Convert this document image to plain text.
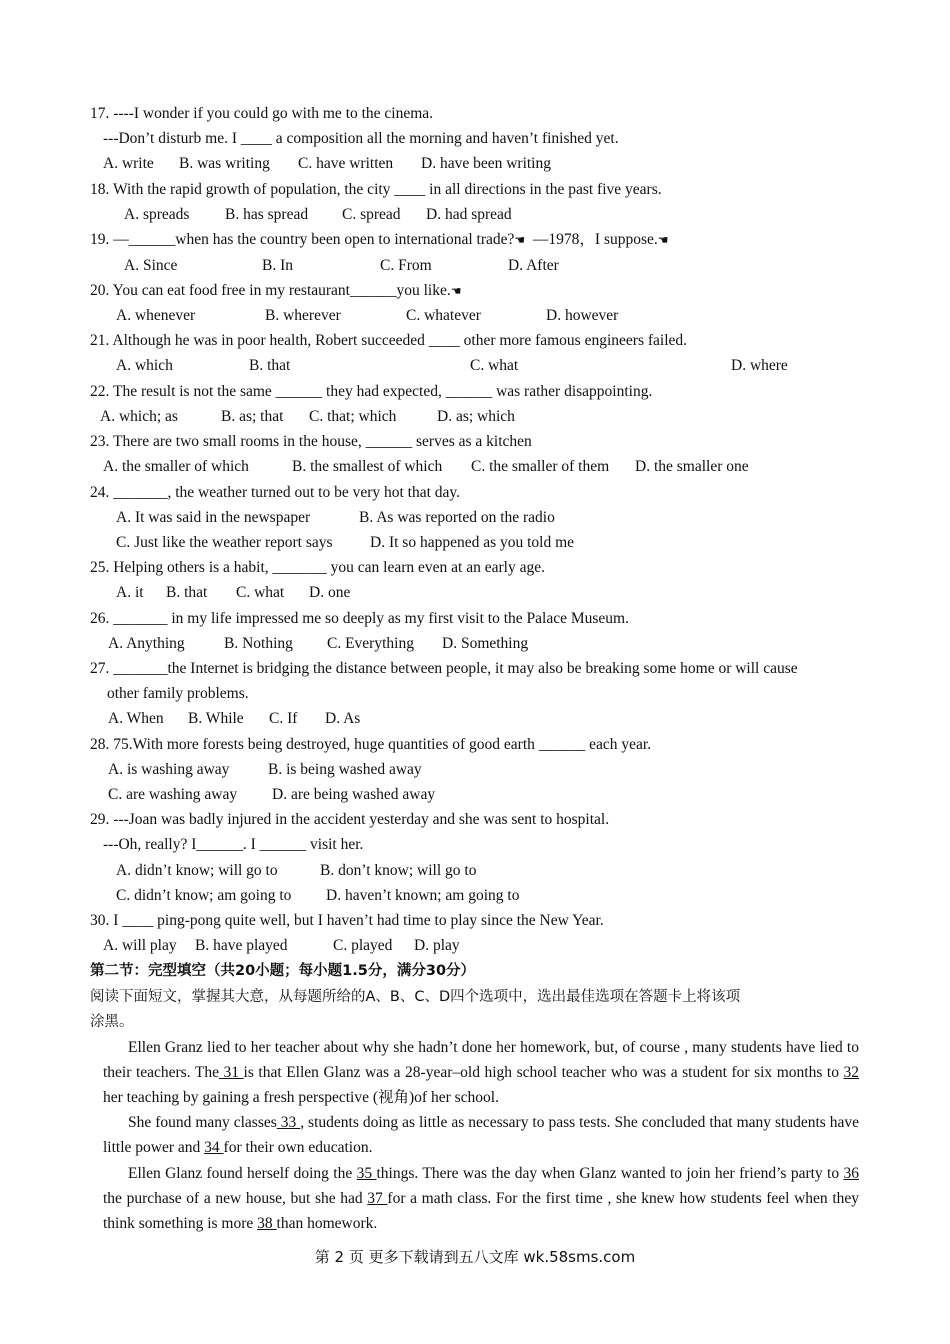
17. ----I wonder if you could go with me to the cinema.
---Don’t disturb me. I ____ a composition all the morning and haven’t finished yet.
A. write B. was writing C. have written D. have been writing
18. With the rapid growth of population, the city ____ in all directions in the past five years.
A. spreads B. has spread C. spread D. had spread
19. —______when has the country been open to international trade?☚ —1978，I suppose.☚
A. Since	B. In	C. From	D. After
20. You can eat food free in my restaurant______you like.☚
A. whenever	B. wherever	C. whatever	D. however
21. Although he was in poor health, Robert succeeded ____ other more famous engineers failed.
A. which	B. that	C. what	D. where
22. The result is not the same ______ they had expected, ______ was rather disappointing.
A. which; as	B. as; that C. that; which	D. as; which
23. There are two small rooms in the house, ______ serves as a kitchen
A. the smaller of which	B. the smallest of which C. the smaller of them D. the smaller one
24. _______, the weather turned out to be very hot that day.
A. It was said in the newspaper	B. As was reported on the radio
C. Just like the weather report says D. It so happened as you told me
25. Helping others is a habit, _______ you can learn even at an early age.
A. it B. that C. what D. one
26. _______ in my life impressed me so deeply as my first visit to the Palace Museum.
A. Anything	B. Nothing C. Everything D. Something
27. _______the Internet is bridging the distance between people, it may also be breaking some home or will cause
other family problems.
A. When B. While C. If D. As
28. 75.With more forests being destroyed, huge quantities of good earth ______ each year.
A. is washing away B. is being washed away
C. are washing away D. are being washed away
29. ---Joan was badly injured in the accident yesterday and she was sent to hospital.
---Oh, really? I______. I ______ visit her.
A. didn’t know; will go to	B. don’t know; will go to
C. didn’t know; am going to D. haven’t known; am going to
30. I ____ ping-pong quite well, but I haven’t had time to play since the New Year.
A. will play B. have played	C. played D. play
第二节：完型填空（共20小题；每小题1.5分，满分30分）
阅读下面短文，掌握其大意，从每题所给的A、B、C、D四个选项中，选出最佳选项在答题卡上将该项
涂黑。
Ellen Granz lied to her teacher about why she hadn’t done her homework, but, of course , many students have lied to their teachers. The 31 is that Ellen Glanz was a 28-year–old high school teacher who was a student for six months to 32 her teaching by gaining a fresh perspective (视角)of her school.
She found many classes 33 , students doing as little as necessary to pass tests. She concluded that many students have little power and 34 for their own education.
Ellen Glanz found herself doing the 35 things. There was the day when Glanz wanted to join her friend’s party to 36 the purchase of a new house, but she had 37 for a math class. For the first time , she knew how students feel when they think something is more 38 than homework.
第 2 页 更多下载请到五八文库 wk.58sms.com
